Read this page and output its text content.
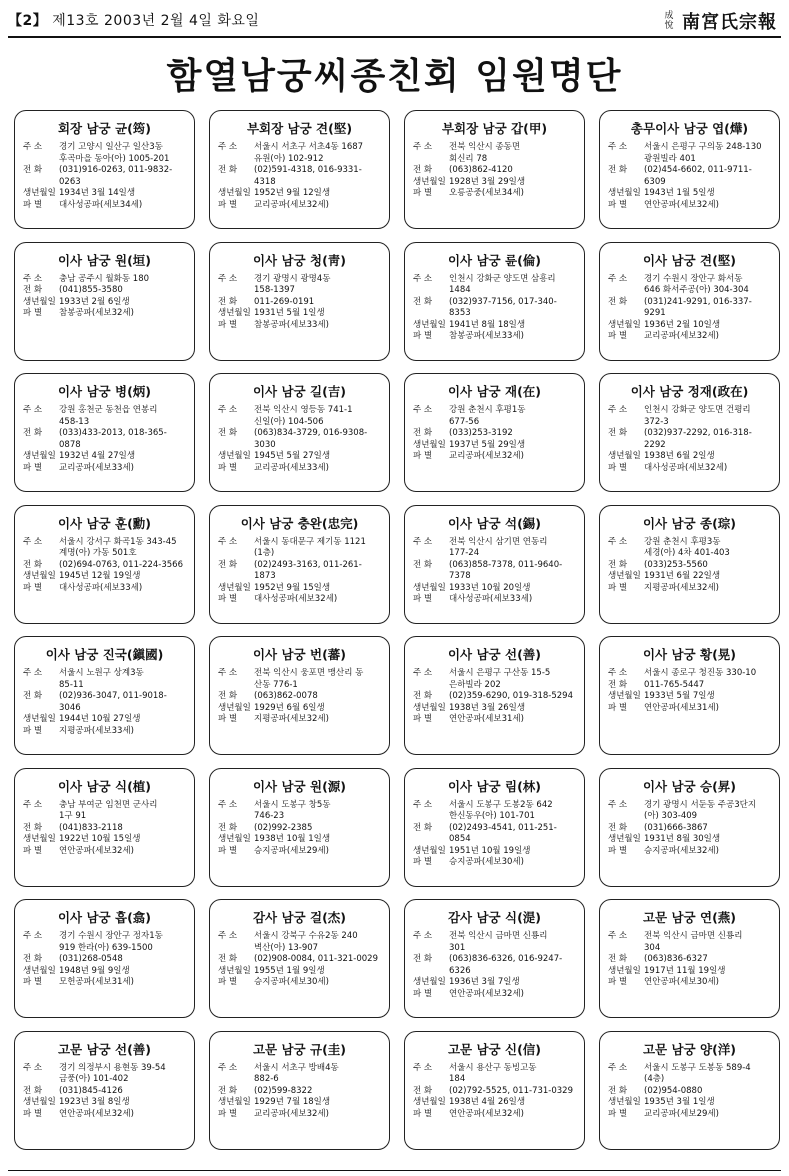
【2】 제13호 2003년 2월 4일 화요일	成 悅 南宮氏宗報
함열남궁씨종친회 임원명단
회장 남궁 균(筠)
주 소	경기 고양시 일산구 일산3동
후곡마을 동아(아) 1005-201
전 화	(031)916-0263, 011-9832-0263
생년월일 1934년 3월 14일생
파 별	대사성공파(세보34세)
부회장 남궁 견(堅)
주 소	서울시 서초구 서초4동 1687
유원(아) 102-912
전 화	(02)591-4318, 016-9331-4318
생년월일 1952년 9월 12일생
파 별	교리공파(세보32세)
부회장 남궁 갑(甲)
주 소	전북 익산시 종동면
회신리 78
전 화	(063)862-4120
생년월일 1928년 3월 29일생
파 별	오릉공중(세보34세)
총무이사 남궁 엽(燁)
주 소	서울시 은평구 구의동 248-130
광원빌라 401
전 화	(02)454-6602, 011-9711-6309
생년월일 1943년 1월 5일생
파 별	연안공파(세보32세)
이사 남궁 원(垣)
주 소	충남 공주시 월화동 180
전 화	(041)855-3580
생년월일 1933년 2월 6일생
파 별	참봉공파(세보32세)
이사 남궁 청(靑)
주 소	경기 광명시 광명4동
158-1397
전 화	011-269-0191
생년월일 1931년 5월 1일생
파 별	참봉공파(세보33세)
이사 남궁 륜(倫)
주 소	인천시 강화군 양도면 삼흥리
1484
전 화	(032)937-7156, 017-340-8353
생년월일 1941년 8월 18일생
파 별	참봉공파(세보33세)
이사 남궁 견(堅)
주 소	경기 수원시 장안구 화서동
646 화서주공(아) 304-304
전 화	(031)241-9291, 016-337-9291
생년월일 1936년 2월 10일생
파 별	교리공파(세보32세)
이사 남궁 병(炳)
주 소	강원 홍천군 동천읍 연봉리
458-13
전 화	(033)433-2013, 018-365-0878
생년월일 1932년 4월 27일생
파 별	교리공파(세보33세)
이사 남궁 길(吉)
주 소	전북 익산시 영등동 741-1
신일(아) 104-506
전 화	(063)834-3729, 016-9308-3030
생년월일 1945년 5월 27일생
파 별	교리공파(세보33세)
이사 남궁 재(在)
주 소	강원 춘천시 후평1동
677-56
전 화	(033)253-3192
생년월일 1937년 5월 29일생
파 별	교리공파(세보32세)
이사 남궁 정재(政在)
주 소	인천시 강화군 양도면 건평리
372-3
전 화	(032)937-2292, 016-318-2292
생년월일 1938년 6월 2일생
파 별	대사성공파(세보32세)
이사 남궁 훈(勳)
주 소	서울시 강서구 화곡1동 343-45
계명(아) 가동 501호
전 화	(02)694-0763, 011-224-3566
생년월일 1945년 12월 19일생
파 별	대사성공파(세보33세)
이사 남궁 충완(忠完)
주 소	서울시 동대문구 제기동 1121
(1층)
전 화	(02)2493-3163, 011-261-1873
생년월일 1952년 9월 15일생
파 별	대사성공파(세보32세)
이사 남궁 석(錫)
주 소	전북 익산시 삼기면 연동리
177-24
전 화	(063)858-7378, 011-9640-7378
생년월일 1933년 10월 20일생
파 별	대사성공파(세보33세)
이사 남궁 종(琮)
주 소	강원 춘천시 후평3동
세경(아) 4차 401-403
전 화	(033)253-5560
생년월일 1931년 6월 22일생
파 별	지평공파(세보32세)
이사 남궁 진국(鎭國)
주 소	서울시 노원구 상계3동
85-11
전 화	(02)936-3047, 011-9018-3046
생년월일 1944년 10월 27일생
파 별	지평공파(세보33세)
이사 남궁 번(蕃)
주 소	전북 익산시 웅포면 맹산리 동
산동 776-1
전 화	(063)862-0078
생년월일 1929년 6월 6일생
파 별	지평공파(세보32세)
이사 남궁 선(善)
주 소	서울시 은평구 구산동 15-5
은하빌라 202
전 화	(02)359-6290, 019-318-5294
생년월일 1938년 3월 26일생
파 별	연안공파(세보31세)
이사 남궁 황(晃)
주 소	서울시 종로구 청진동 330-10
전 화	011-765-5447
생년월일 1933년 5월 7일생
파 별	연안공파(세보31세)
이사 남궁 식(植)
주 소	충남 부여군 임천면 군사리
1구 91
전 화	(041)833-2118
생년월일 1922년 10월 15일생
파 별	연안공파(세보32세)
이사 남궁 원(源)
주 소	서울시 도봉구 창5동
746-23
전 화	(02)992-2385
생년월일 1938년 10월 1일생
파 별	승지공파(세보29세)
이사 남궁 림(林)
주 소	서울시 도봉구 도봉2동 642
한신동우(아) 101-701
전 화	(02)2493-4541, 011-251-0854
생년월일 1951년 10월 19일생
파 별	승지공파(세보30세)
이사 남궁 승(昇)
주 소	경기 광명시 서둔동 주공3단지
(아) 303-409
전 화	(031)666-3867
생년월일 1931년 8월 30일생
파 별	승지공파(세보32세)
이사 남궁 흡(翕)
주 소	경기 수원시 장안구 정자1동
919 한라(아) 639-1500
전 화	(031)268-0548
생년월일 1948년 9월 9일생
파 별	모헌공파(세보31세)
감사 남궁 걸(杰)
주 소	서울시 강북구 수유2동 240
벽산(아) 13-907
전 화	(02)908-0084, 011-321-0029
생년월일 1955년 1월 9일생
파 별	승지공파(세보30세)
감사 남궁 식(湜)
주 소	전북 익산시 금마면 신룡리
301
전 화	(063)836-6326, 016-9247-6326
생년월일 1936년 3월 7일생
파 별	연안공파(세보32세)
고문 남궁 연(燕)
주 소	전북 익산시 금마면 신룡리
304
전 화	(063)836-6327
생년월일 1917년 11월 19일생
파 별	연안공파(세보30세)
고문 남궁 선(善)
주 소	경기 의정부시 용현동 39-54
금풍(아) 101-402
전 화	(031)845-4126
생년월일 1923년 3월 8일생
파 별	연안공파(세보32세)
고문 남궁 규(圭)
주 소	서울시 서초구 방배4동
882-6
전 화	(02)599-8322
생년월일 1929년 7월 18일생
파 별	교리공파(세보32세)
고문 남궁 신(信)
주 소	서울시 용산구 동빙고동
184
전 화	(02)792-5525, 011-731-0329
생년월일 1938년 4월 26일생
파 별	연안공파(세보32세)
고문 남궁 양(洋)
주 소	서울시 도봉구 도봉동 589-4
(4층)
전 화	(02)954-0880
생년월일 1935년 3월 1일생
파 별	교리공파(세보29세)
